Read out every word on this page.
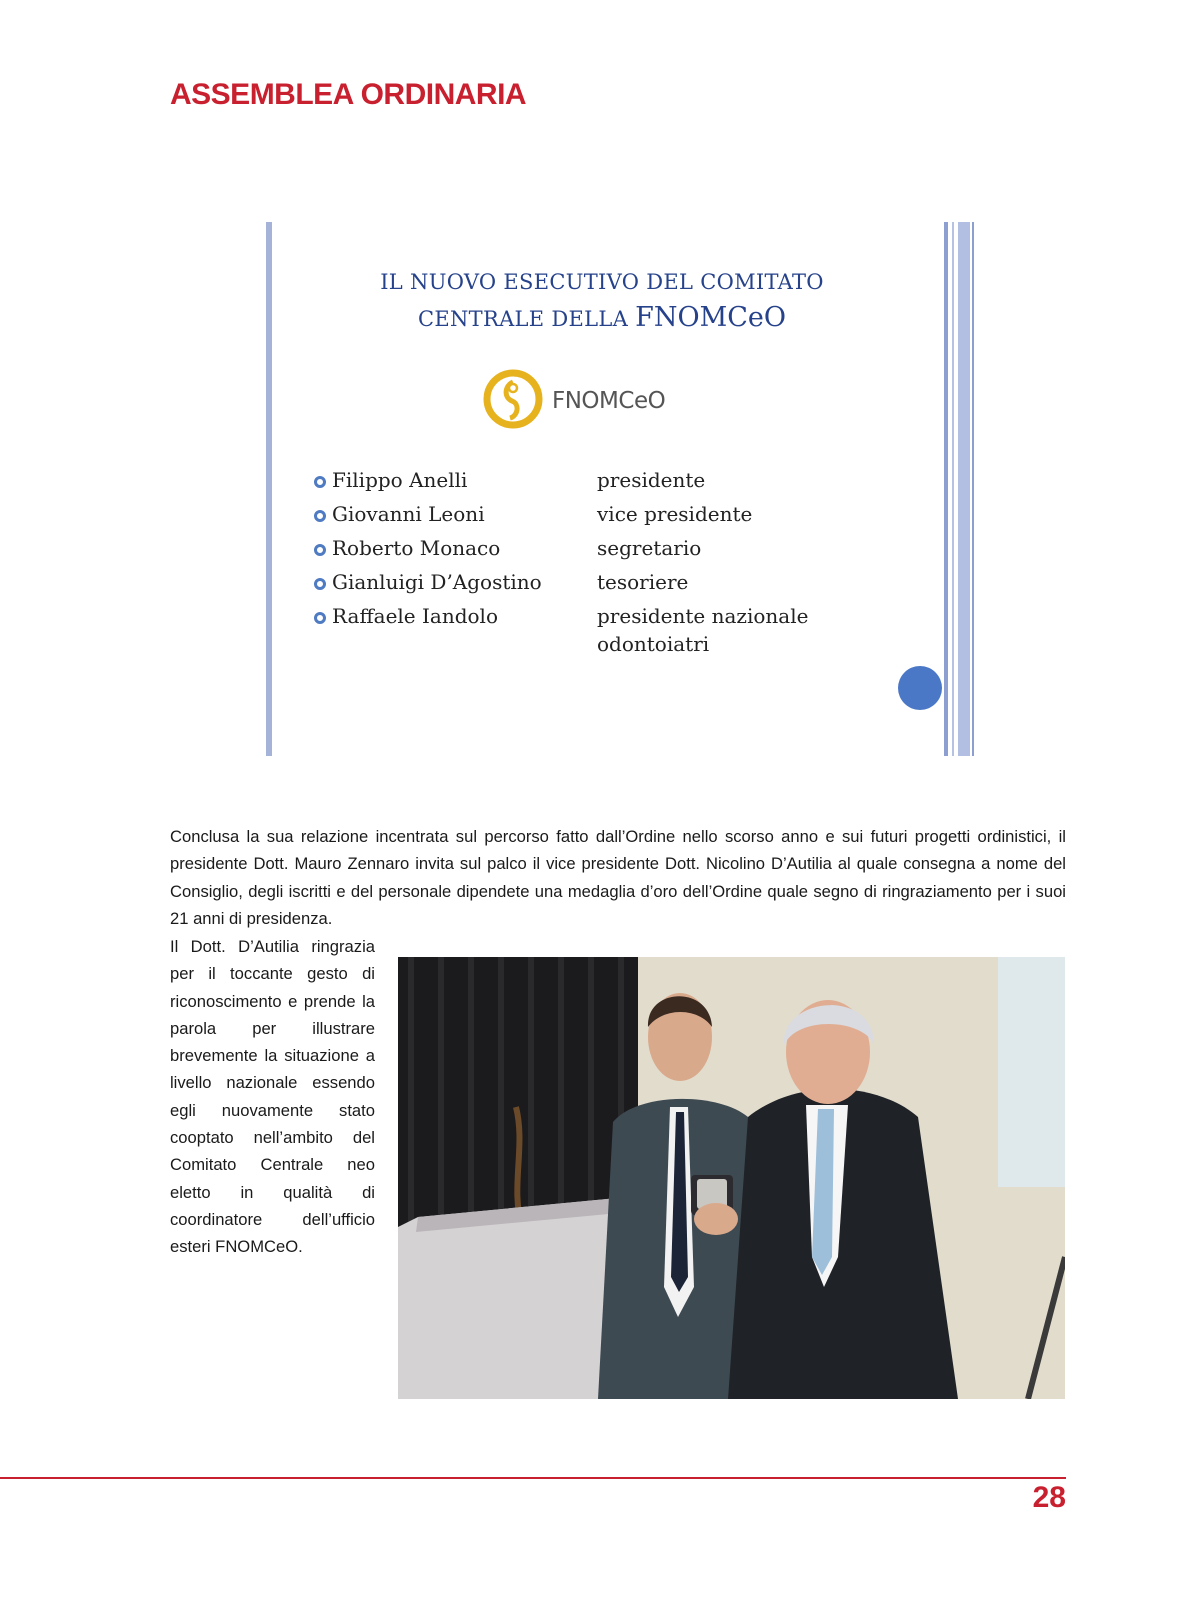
ASSEMBLEA ORDINARIA
IL NUOVO ESECUTIVO DEL COMITATO
CENTRALE DELLA FNOMCeO
FNOMCeO
Filippo Anelli	presidente
Giovanni Leoni	vice presidente
Roberto Monaco	segretario
Gianluigi D’Agostino	tesoriere
Raffaele Iandolo	presidente nazionale
odontoiatri

Conclusa la sua relazione incentrata sul percorso fatto dall’Ordine nello scorso anno e sui futuri progetti ordinistici, il presidente Dott. Mauro Zennaro invita sul palco il vice presidente Dott. Nicolino D’Autilia al quale consegna a nome del Consiglio, degli iscritti e del personale dipendete una medaglia d’oro dell’Ordine quale segno di ringraziamento per i suoi 21 anni di presidenza.

Il Dott. D’Autilia ringrazia per il toccante gesto di riconoscimento e prende la parola per illustrare brevemente la situazione a livello nazionale essendo egli nuovamente stato cooptato nell’ambito del Comitato Centrale neo eletto in qualità di coordinatore dell’ufficio esteri FNOMCeO.

28
